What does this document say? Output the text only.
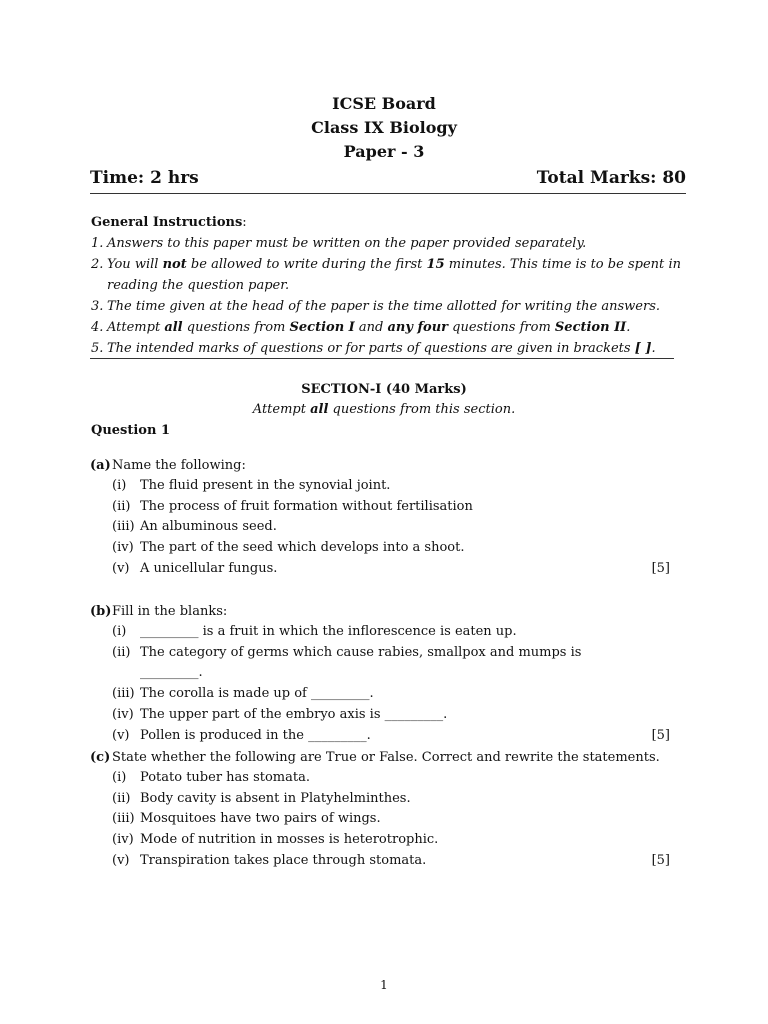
ICSE Board
Class IX Biology
Paper - 3
Time: 2 hrs	Total Marks: 80
General Instructions:
1. Answers to this paper must be written on the paper provided separately.
2. You will not be allowed to write during the first 15 minutes. This time is to be spent in reading the question paper.
3. The time given at the head of the paper is the time allotted for writing the answers.
4. Attempt all questions from Section I and any four questions from Section II.
5. The intended marks of questions or for parts of questions are given in brackets [ ].
SECTION-I (40 Marks)
Attempt all questions from this section.
Question 1
(a) Name the following:
(i)	The fluid present in the synovial joint.
(ii) The process of fruit formation without fertilisation
(iii) An albuminous seed.
(iv) The part of the seed which develops into a shoot.
(v) A unicellular fungus.	[5]
(b) Fill in the blanks:
(i)	_________ is a fruit in which the inflorescence is eaten up.
(ii) The category of germs which cause rabies, smallpox and mumps is _________.
(iii) The corolla is made up of _________.
(iv) The upper part of the embryo axis is _________.
(v) Pollen is produced in the _________.	[5]
(c) State whether the following are True or False. Correct and rewrite the statements.
(i)	Potato tuber has stomata.
(ii) Body cavity is absent in Platyhelminthes.
(iii) Mosquitoes have two pairs of wings.
(iv) Mode of nutrition in mosses is heterotrophic.
(v) Transpiration takes place through stomata.	[5]
1
